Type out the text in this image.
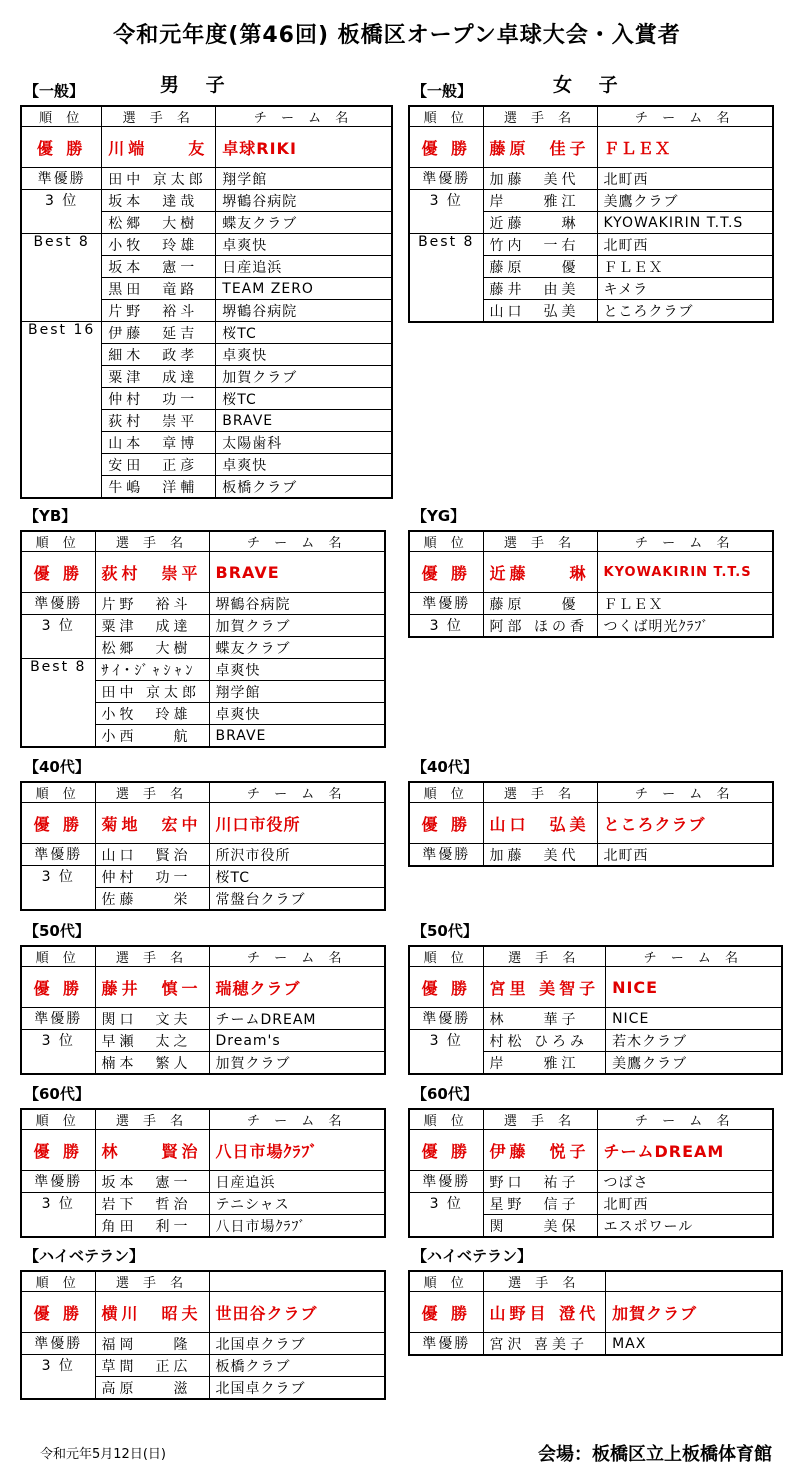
令和元年度(第46回) 板橋区オープン卓球大会・入賞者
【一般】	男 子
順 位	選 手 名	チ ー ム 名
優 勝	川端　　友	卓球RIKI
準優勝	田中 京太郎	翔学館
3 位	坂本　達哉	堺鶴谷病院
	松郷　大樹	蝶友クラブ
Best 8	小牧　玲雄	卓爽快
	坂本　憲一	日産追浜
	黒田　竜路	TEAM ZERO
	片野　裕斗	堺鶴谷病院
Best 16	伊藤　延吉	桜TC
	細木　政孝	卓爽快
	粟津　成達	加賀クラブ
	仲村　功一	桜TC
	荻村　崇平	BRAVE
	山本　章博	太陽歯科
	安田　正彦	卓爽快
	牛嶋　洋輔	板橋クラブ
【一般】	女 子
順 位	選 手 名	チ ー ム 名
優 勝	藤原　佳子	ＦＬＥＸ
準優勝	加藤　美代	北町西
3 位	岸　　雅江	美鷹クラブ
	近藤　　琳	KYOWAKIRIN T.T.S
Best 8	竹内　一右	北町西
	藤原　　優	ＦＬＥＸ
	藤井　由美	キメラ
	山口　弘美	ところクラブ
【YB】
順 位	選 手 名	チ ー ム 名
優 勝	荻村　崇平	BRAVE
準優勝	片野　裕斗	堺鶴谷病院
3 位	粟津　成達	加賀クラブ
	松郷　大樹	蝶友クラブ
Best 8	ｻｲ･ｼﾞｬｼｬﾝ	卓爽快
	田中 京太郎	翔学館
	小牧　玲雄	卓爽快
	小西　　航	BRAVE
【YG】
順 位	選 手 名	チ ー ム 名
優 勝	近藤　　琳	KYOWAKIRIN T.T.S
準優勝	藤原　　優	ＦＬＥＸ
3 位	阿部 ほの香	つくば明光ｸﾗﾌﾞ
【40代】
順 位	選 手 名	チ ー ム 名
優 勝	菊地　宏中	川口市役所
準優勝	山口　賢治	所沢市役所
3 位	仲村　功一	桜TC
	佐藤　　栄	常盤台クラブ
【40代】
順 位	選 手 名	チ ー ム 名
優 勝	山口　弘美	ところクラブ
準優勝	加藤　美代	北町西
【50代】
順 位	選 手 名	チ ー ム 名
優 勝	藤井　慎一	瑞穂クラブ
準優勝	関口　文夫	チームDREAM
3 位	早瀬　太之	Dream's
	楠本　繁人	加賀クラブ
【50代】
順 位	選 手 名	チ ー ム 名
優 勝	宮里 美智子	NICE
準優勝	林　　華子	NICE
3 位	村松 ひろみ	若木クラブ
	岸　　雅江	美鷹クラブ
【60代】
順 位	選 手 名	チ ー ム 名
優 勝	林　　賢治	八日市場ｸﾗﾌﾞ
準優勝	坂本　憲一	日産追浜
3 位	岩下　哲治	テニシャス
	角田　利一	八日市場ｸﾗﾌﾞ
【60代】
順 位	選 手 名	チ ー ム 名
優 勝	伊藤　悦子	チームDREAM
準優勝	野口　祐子	つばさ
3 位	星野　信子	北町西
	関　　美保	エスポワール
【ハイベテラン】
順 位	選 手 名	
優 勝	横川　昭夫	世田谷クラブ
準優勝	福岡　　隆	北国卓クラブ
3 位	草間　正広	板橋クラブ
	高原　　滋	北国卓クラブ
【ハイベテラン】
順 位	選 手 名	
優 勝	山野目 澄代	加賀クラブ
準優勝	宮沢 喜美子	MAX
令和元年5月12日(日)	会場：板橋区立上板橋体育館
